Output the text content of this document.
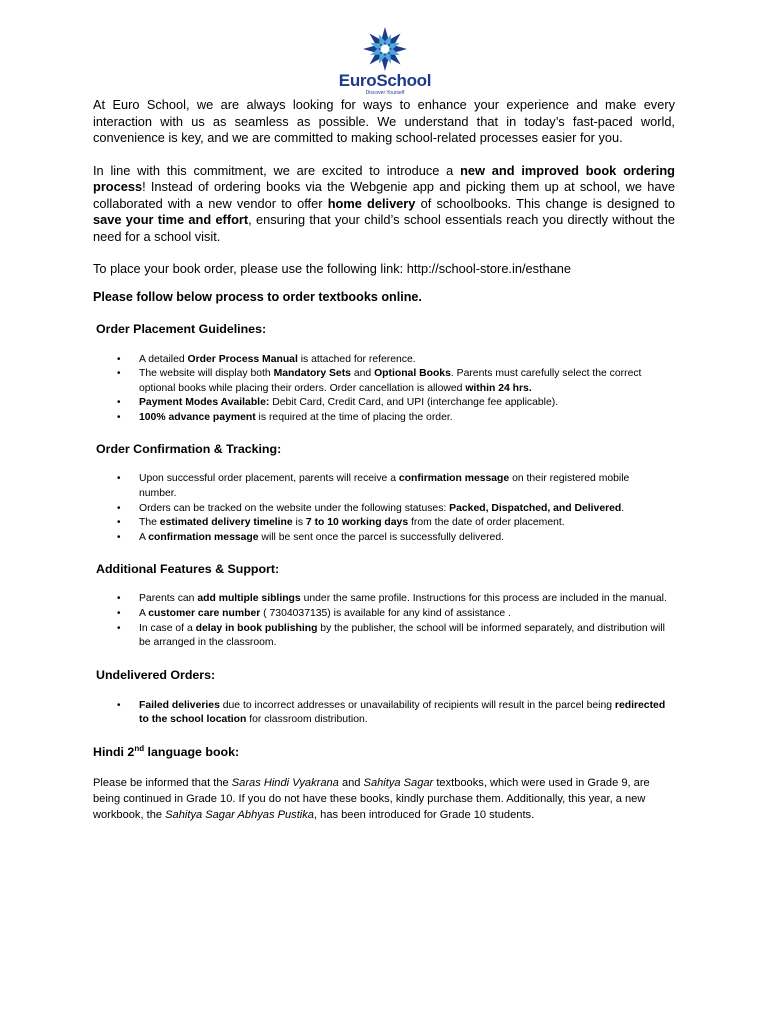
EuroSchool
Discover Yourself

At Euro School, we are always looking for ways to enhance your experience and make every interaction with us as seamless as possible. We understand that in today’s fast-paced world, convenience is key, and we are committed to making school-related processes easier for you.

In line with this commitment, we are excited to introduce a new and improved book ordering process! Instead of ordering books via the Webgenie app and picking them up at school, we have collaborated with a new vendor to offer home delivery of schoolbooks. This change is designed to save your time and effort, ensuring that your child’s school essentials reach you directly without the need for a school visit.

To place your book order, please use the following link: http://school-store.in/esthane

Please follow below process to order textbooks online.

Order Placement Guidelines:
• A detailed Order Process Manual is attached for reference.
• The website will display both Mandatory Sets and Optional Books. Parents must carefully select the correct optional books while placing their orders. Order cancellation is allowed within 24 hrs.
• Payment Modes Available: Debit Card, Credit Card, and UPI (interchange fee applicable).
• 100% advance payment is required at the time of placing the order.
Order Confirmation & Tracking:
• Upon successful order placement, parents will receive a confirmation message on their registered mobile number.
• Orders can be tracked on the website under the following statuses: Packed, Dispatched, and Delivered.
• The estimated delivery timeline is 7 to 10 working days from the date of order placement.
• A confirmation message will be sent once the parcel is successfully delivered.
Additional Features & Support:
• Parents can add multiple siblings under the same profile. Instructions for this process are included in the manual.
• A customer care number ( 7304037135) is available for any kind of assistance .
• In case of a delay in book publishing by the publisher, the school will be informed separately, and distribution will be arranged in the classroom.
Undelivered Orders:
• Failed deliveries due to incorrect addresses or unavailability of recipients will result in the parcel being redirected to the school location for classroom distribution.
Hindi 2nd language book:

Please be informed that the Saras Hindi Vyakrana and Sahitya Sagar textbooks, which were used in Grade 9, are being continued in Grade 10. If you do not have these books, kindly purchase them. Additionally, this year, a new workbook, the Sahitya Sagar Abhyas Pustika, has been introduced for Grade 10 students.
